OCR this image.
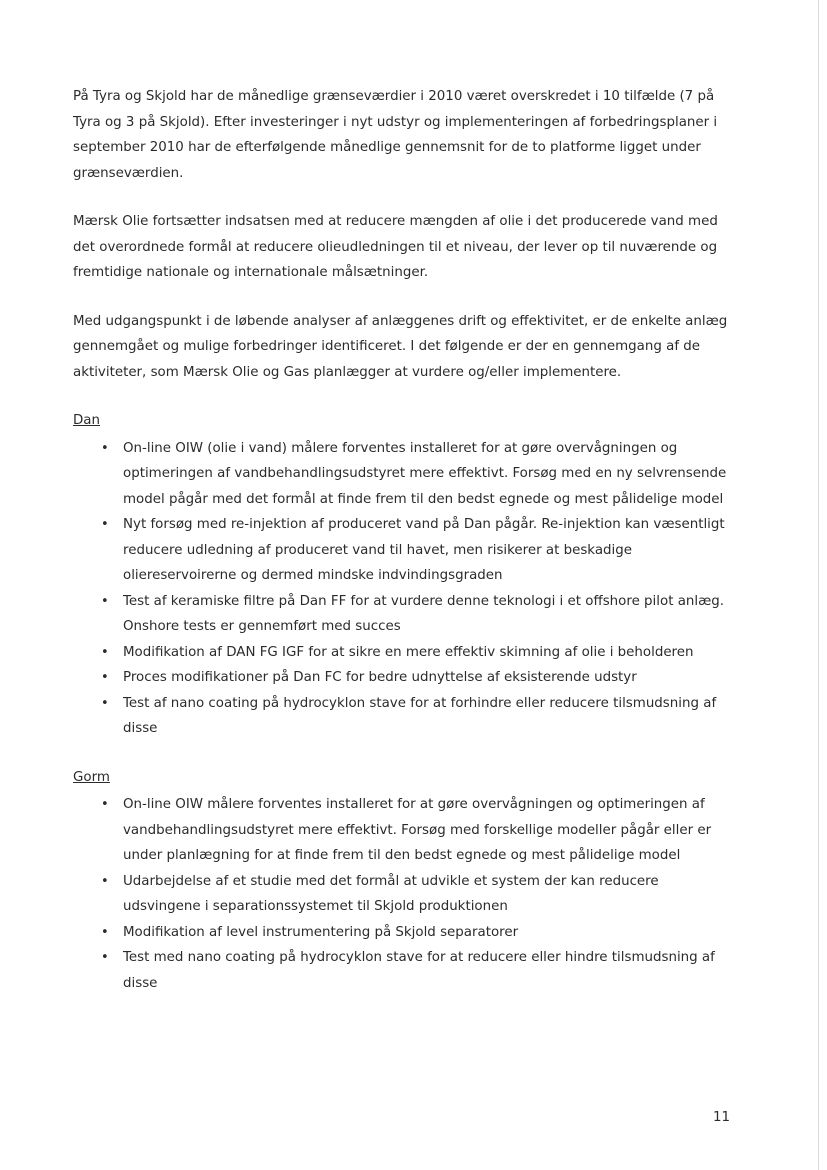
På Tyra og Skjold har de månedlige grænseværdier i 2010 været overskredet i 10 tilfælde (7 på Tyra og 3 på Skjold). Efter investeringer i nyt udstyr og implementeringen af forbedringsplaner i september 2010 har de efterfølgende månedlige gennemsnit for de to platforme ligget under grænseværdien.

Mærsk Olie fortsætter indsatsen med at reducere mængden af olie i det producerede vand med det overordnede formål at reducere olieudledningen til et niveau, der lever op til nuværende og fremtidige nationale og internationale målsætninger.

Med udgangspunkt i de løbende analyser af anlæggenes drift og effektivitet, er de enkelte anlæg gennemgået og mulige forbedringer identificeret. I det følgende er der en gennemgang af de aktiviteter, som Mærsk Olie og Gas planlægger at vurdere og/eller implementere.

Dan
• On-line OIW (olie i vand) målere forventes installeret for at gøre overvågningen og optimeringen af vandbehandlingsudstyret mere effektivt. Forsøg med en ny selvrensende model pågår med det formål at finde frem til den bedst egnede og mest pålidelige model
• Nyt forsøg med re-injektion af produceret vand på Dan pågår. Re-injektion kan væsentligt reducere udledning af produceret vand til havet, men risikerer at beskadige oliereservoirerne og dermed mindske indvindingsgraden
• Test af keramiske filtre på Dan FF for at vurdere denne teknologi i et offshore pilot anlæg. Onshore tests er gennemført med succes
• Modifikation af DAN FG IGF for at sikre en mere effektiv skimning af olie i beholderen
• Proces modifikationer på Dan FC for bedre udnyttelse af eksisterende udstyr
• Test af nano coating på hydrocyklon stave for at forhindre eller reducere tilsmudsning af disse
Gorm
• On-line OIW målere forventes installeret for at gøre overvågningen og optimeringen af vandbehandlingsudstyret mere effektivt. Forsøg med forskellige modeller pågår eller er under planlægning for at finde frem til den bedst egnede og mest pålidelige model
• Udarbejdelse af et studie med det formål at udvikle et system der kan reducere udsvingene i separationssystemet til Skjold produktionen
• Modifikation af level instrumentering på Skjold separatorer
• Test med nano coating på hydrocyklon stave for at reducere eller hindre tilsmudsning af disse
11
